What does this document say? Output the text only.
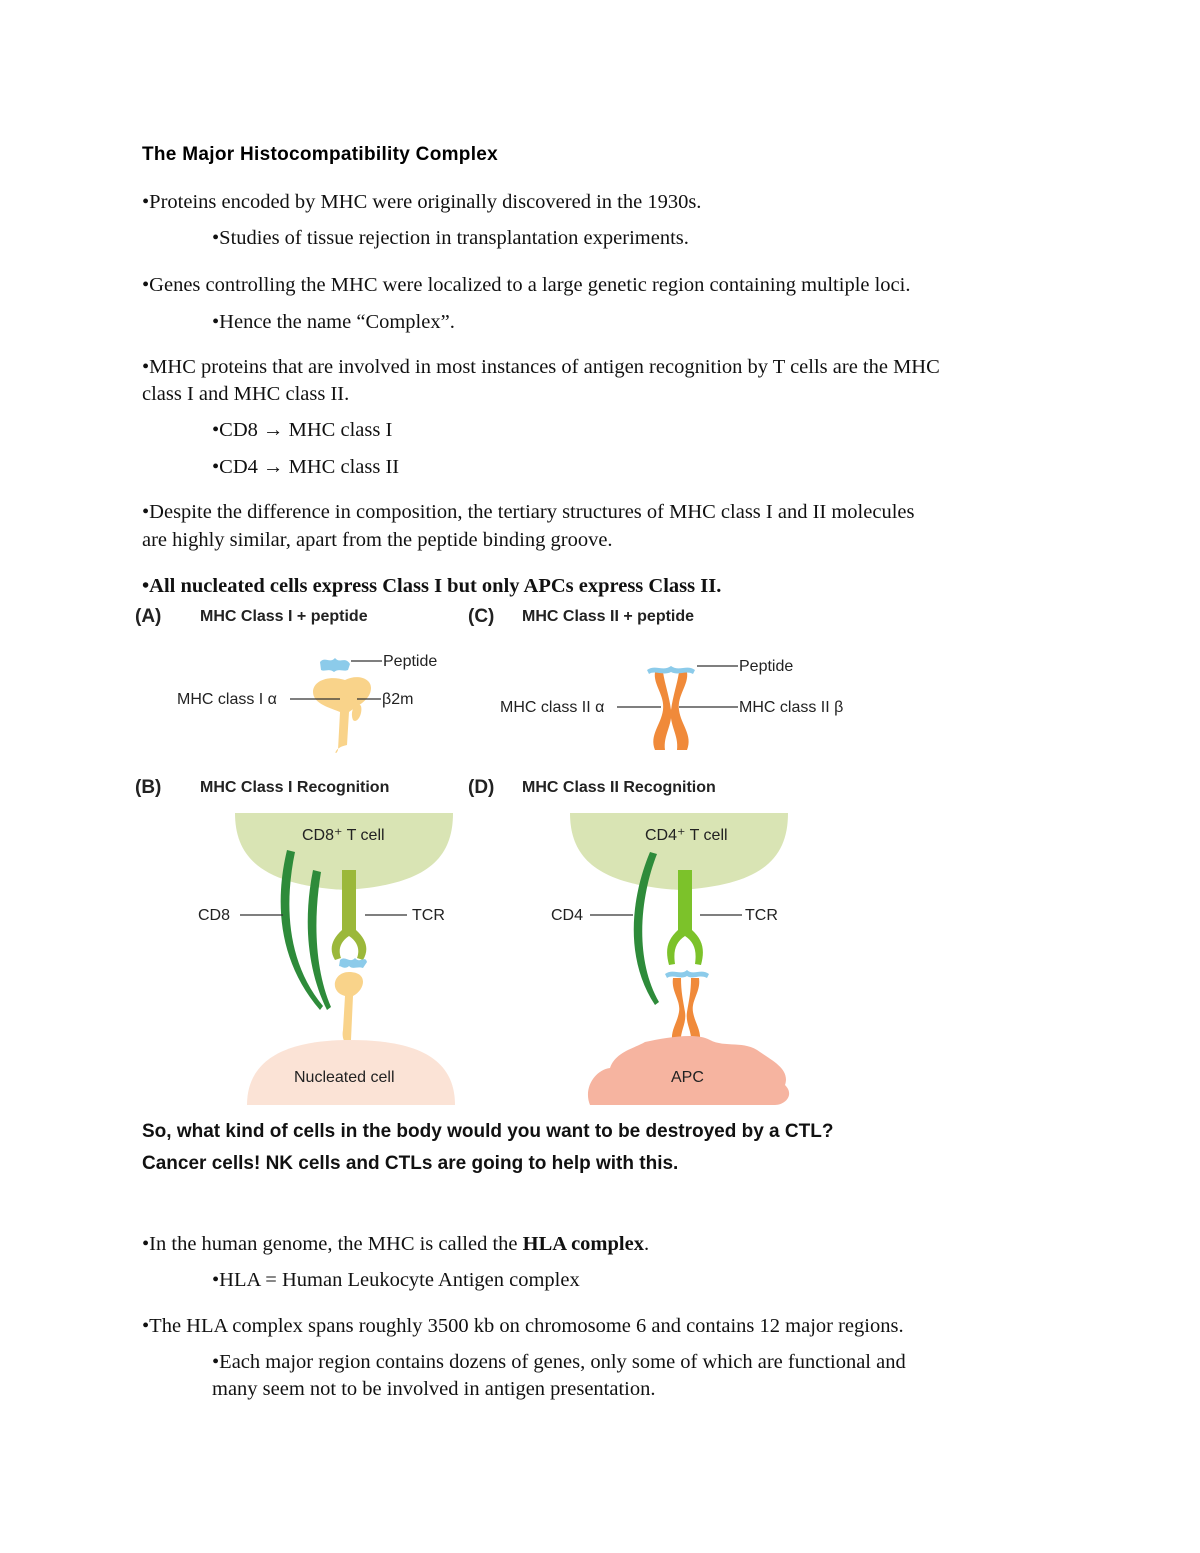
The Major Histocompatibility Complex
•Proteins encoded by MHC were originally discovered in the 1930s.
•Studies of tissue rejection in transplantation experiments.
•Genes controlling the MHC were localized to a large genetic region containing multiple loci.
•Hence the name “Complex”.
•MHC proteins that are involved in most instances of antigen recognition by T cells are the MHC
class I and MHC class II.
•CD8 → MHC class I
•CD4 → MHC class II
•Despite the difference in composition, the tertiary structures of MHC class I and II molecules
are highly similar, apart from the peptide binding groove.
•All nucleated cells express Class I but only APCs express Class II.
(A) MHC Class I + peptide
Peptide
MHC class I α	β2m
(C) MHC Class II + peptide
Peptide
MHC class II α	MHC class II β
(B) MHC Class I Recognition
CD8⁺ T cell
CD8	TCR
Nucleated cell
(D) MHC Class II Recognition
CD4⁺ T cell
CD4	TCR
APC
So, what kind of cells in the body would you want to be destroyed by a CTL?
Cancer cells! NK cells and CTLs are going to help with this.
•In the human genome, the MHC is called the HLA complex.
•HLA = Human Leukocyte Antigen complex
•The HLA complex spans roughly 3500 kb on chromosome 6 and contains 12 major regions.
•Each major region contains dozens of genes, only some of which are functional and
many seem not to be involved in antigen presentation.
